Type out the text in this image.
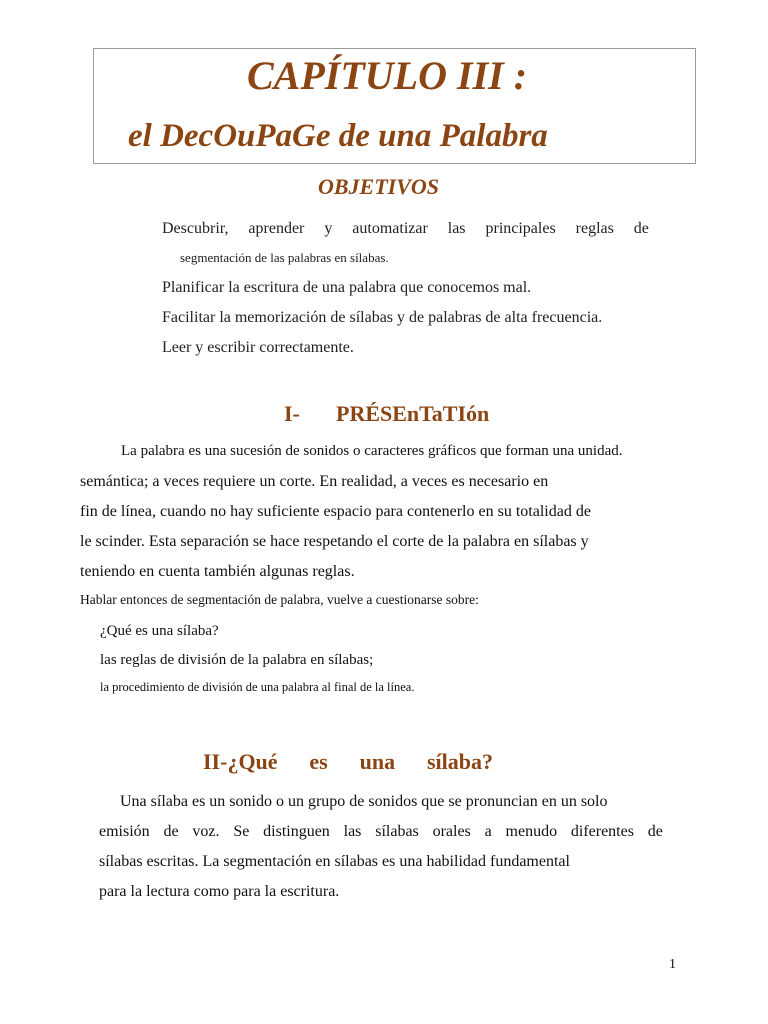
CAPÍTULO III :
el DecOuPaGe de una Palabra
OBJETIVOS
Descubrir, aprender y automatizar las principales reglas de
segmentación de las palabras en sílabas.
Planificar la escritura de una palabra que conocemos mal.
Facilitar la memorización de sílabas y de palabras de alta frecuencia.
Leer y escribir correctamente.
I- PRÉSEnTaTIón
La palabra es una sucesión de sonidos o caracteres gráficos que forman una unidad.
semántica; a veces requiere un corte. En realidad, a veces es necesario en
fin de línea, cuando no hay suficiente espacio para contenerlo en su totalidad de
le scinder. Esta separación se hace respetando el corte de la palabra en sílabas y
teniendo en cuenta también algunas reglas.
Hablar entonces de segmentación de palabra, vuelve a cuestionarse sobre:
¿Qué es una sílaba?
las reglas de división de la palabra en sílabas;
la procedimiento de división de una palabra al final de la línea.
II-¿Qué es una sílaba?
Una sílaba es un sonido o un grupo de sonidos que se pronuncian en un solo
emisión de voz. Se distinguen las sílabas orales a menudo diferentes de
sílabas escritas. La segmentación en sílabas es una habilidad fundamental
para la lectura como para la escritura.
1
